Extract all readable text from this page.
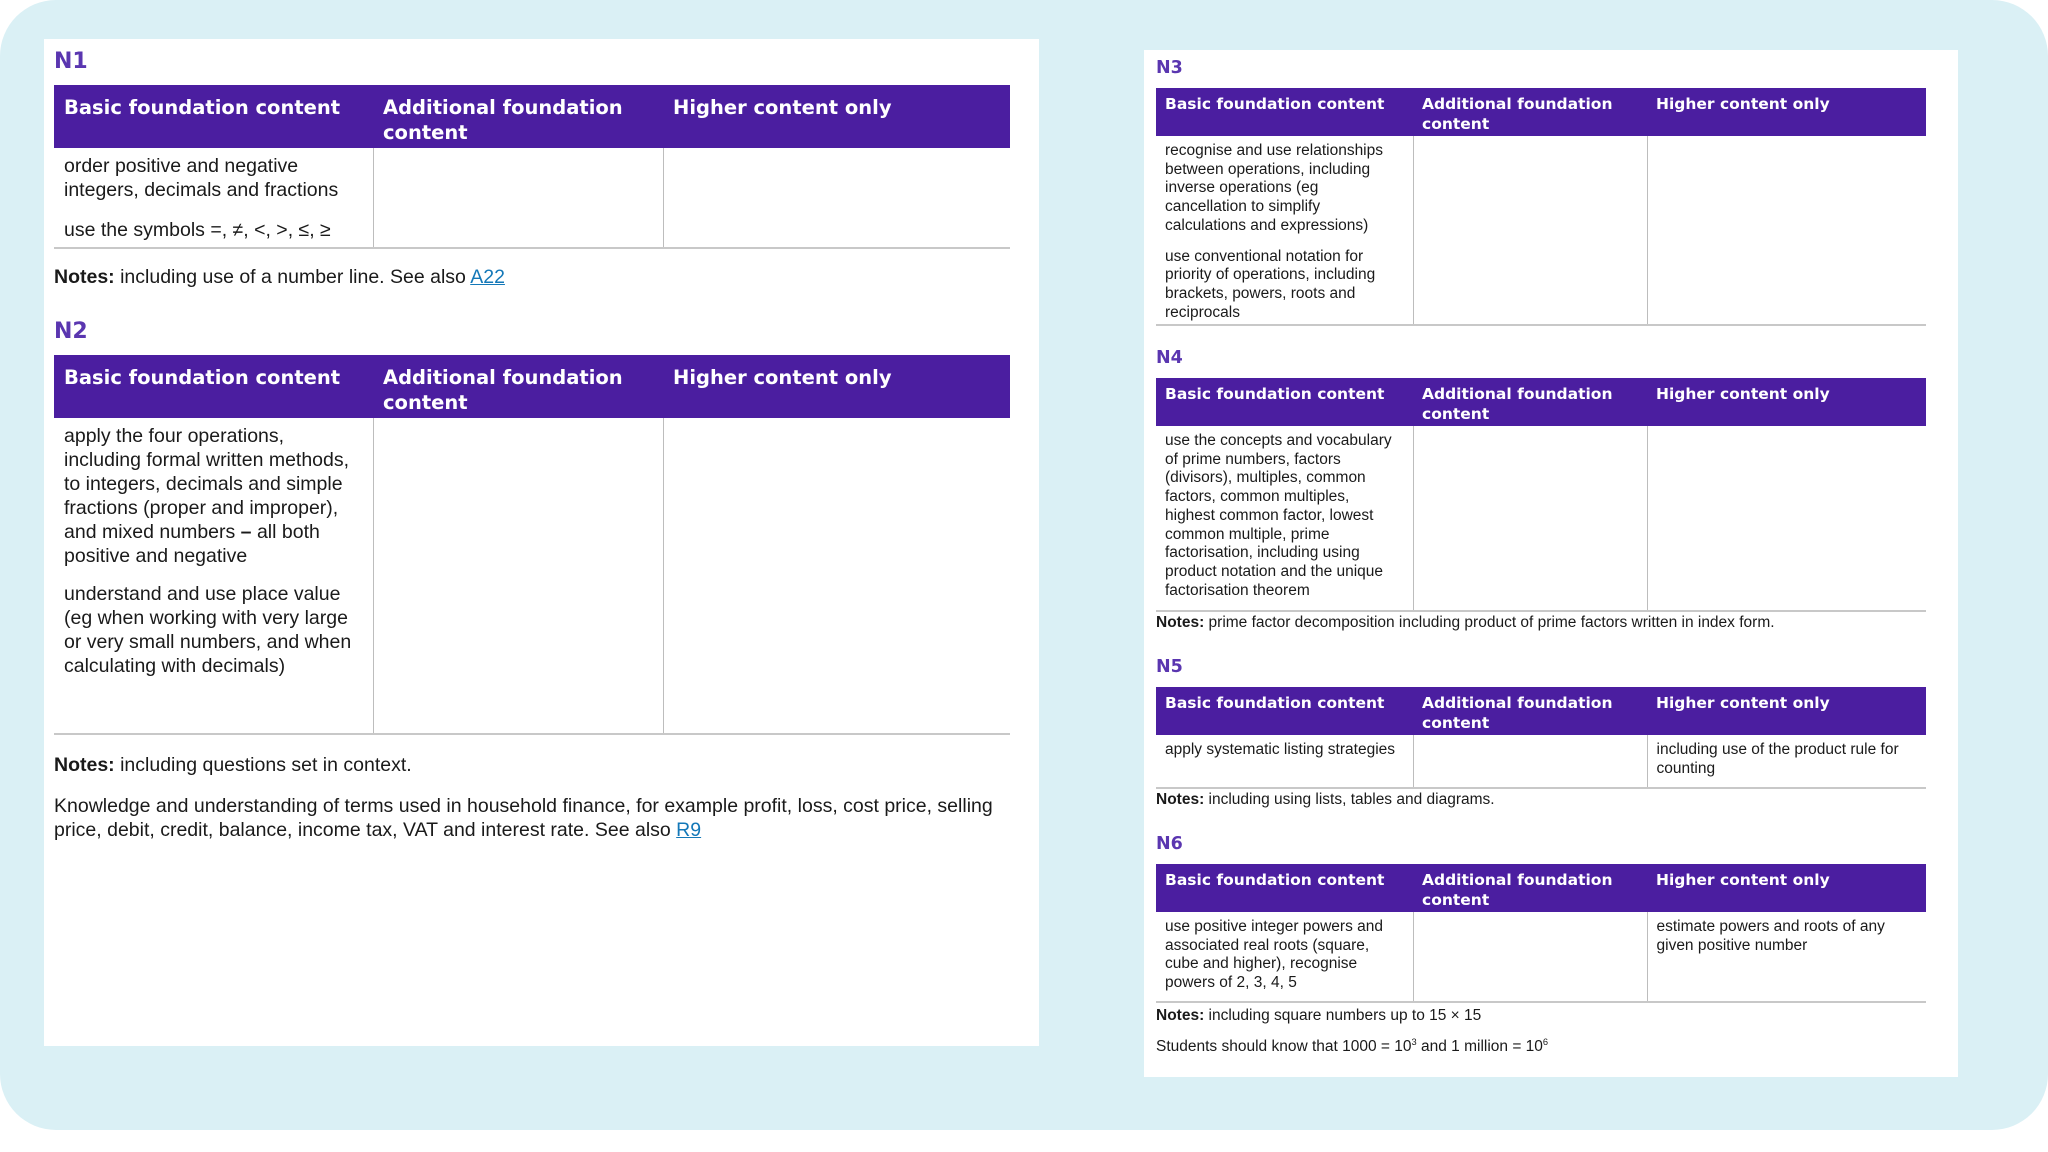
N1
Basic foundation content	Additional foundation content	Higher content only

order positive and negative integers, decimals and fractions

use the symbols =, ≠, <, >, ≤, ≥		

Notes: including use of a number line. See also A22
N2
Basic foundation content	Additional foundation content	Higher content only

apply the four operations, including formal written methods, to integers, decimals and simple fractions (proper and improper), and mixed numbers – all both positive and negative

understand and use place value (eg when working with very large or very small numbers, and when calculating with decimals)		

Notes: including questions set in context.
Knowledge and understanding of terms used in household finance, for example profit, loss, cost price, selling price, debit, credit, balance, income tax, VAT and interest rate. See also R9
N3
Basic foundation content	Additional foundation content	Higher content only

recognise and use relationships between operations, including inverse operations (eg cancellation to simplify calculations and expressions)

use conventional notation for priority of operations, including brackets, powers, roots and reciprocals		

N4
Basic foundation content	Additional foundation content	Higher content only

use the concepts and vocabulary of prime numbers, factors (divisors), multiples, common factors, common multiples, highest common factor, lowest common multiple, prime factorisation, including using product notation and the unique factorisation theorem		

Notes: prime factor decomposition including product of prime factors written in index form.
N5
Basic foundation content	Additional foundation content	Higher content only
apply systematic listing strategies		including use of the product rule for counting
Notes: including using lists, tables and diagrams.
N6
Basic foundation content	Additional foundation content	Higher content only
use positive integer powers and associated real roots (square, cube and higher), recognise powers of 2, 3, 4, 5		estimate powers and roots of any given positive number
Notes: including square numbers up to 15 × 15
Students should know that $1000 = 10^3$ and 1 million = $10^6$
